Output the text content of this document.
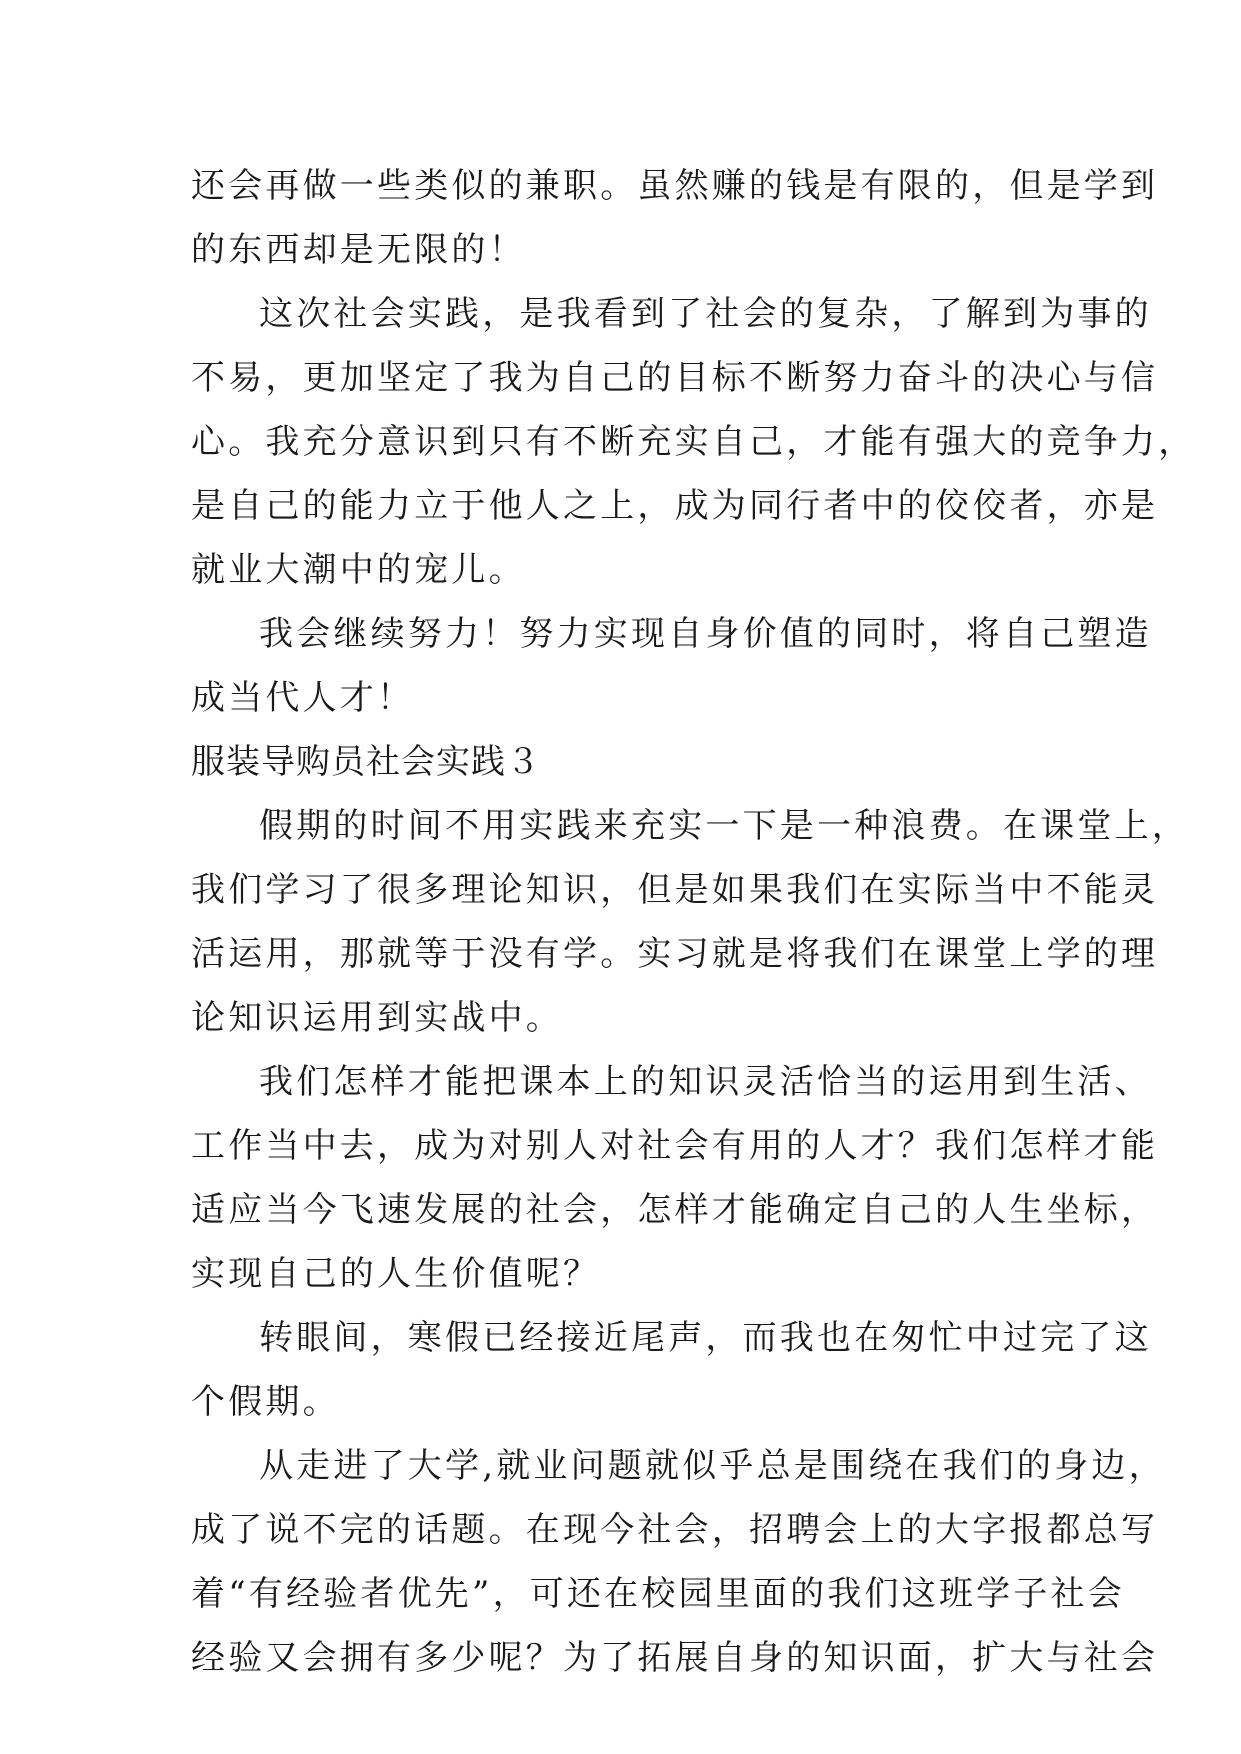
还会再做一些类似的兼职。虽然赚的钱是有限的，但是学到
的东西却是无限的！
这次社会实践，是我看到了社会的复杂，了解到为事的
不易，更加坚定了我为自己的目标不断努力奋斗的决心与信
心。我充分意识到只有不断充实自己，才能有强大的竞争力，
是自己的能力立于他人之上，成为同行者中的佼佼者，亦是
就业大潮中的宠儿。
我会继续努力！努力实现自身价值的同时，将自己塑造
成当代人才！
服装导购员社会实践３
假期的时间不用实践来充实一下是一种浪费。在课堂上，
我们学习了很多理论知识，但是如果我们在实际当中不能灵
活运用，那就等于没有学。实习就是将我们在课堂上学的理
论知识运用到实战中。
我们怎样才能把课本上的知识灵活恰当的运用到生活、
工作当中去，成为对别人对社会有用的人才？我们怎样才能
适应当今飞速发展的社会，怎样才能确定自己的人生坐标，
实现自己的人生价值呢？
转眼间，寒假已经接近尾声，而我也在匆忙中过完了这
个假期。
从走进了大学,就业问题就似乎总是围绕在我们的身边，
成了说不完的话题。在现今社会，招聘会上的大字报都总写
着“有经验者优先”，可还在校园里面的我们这班学子社会
经验又会拥有多少呢？为了拓展自身的知识面，扩大与社会
